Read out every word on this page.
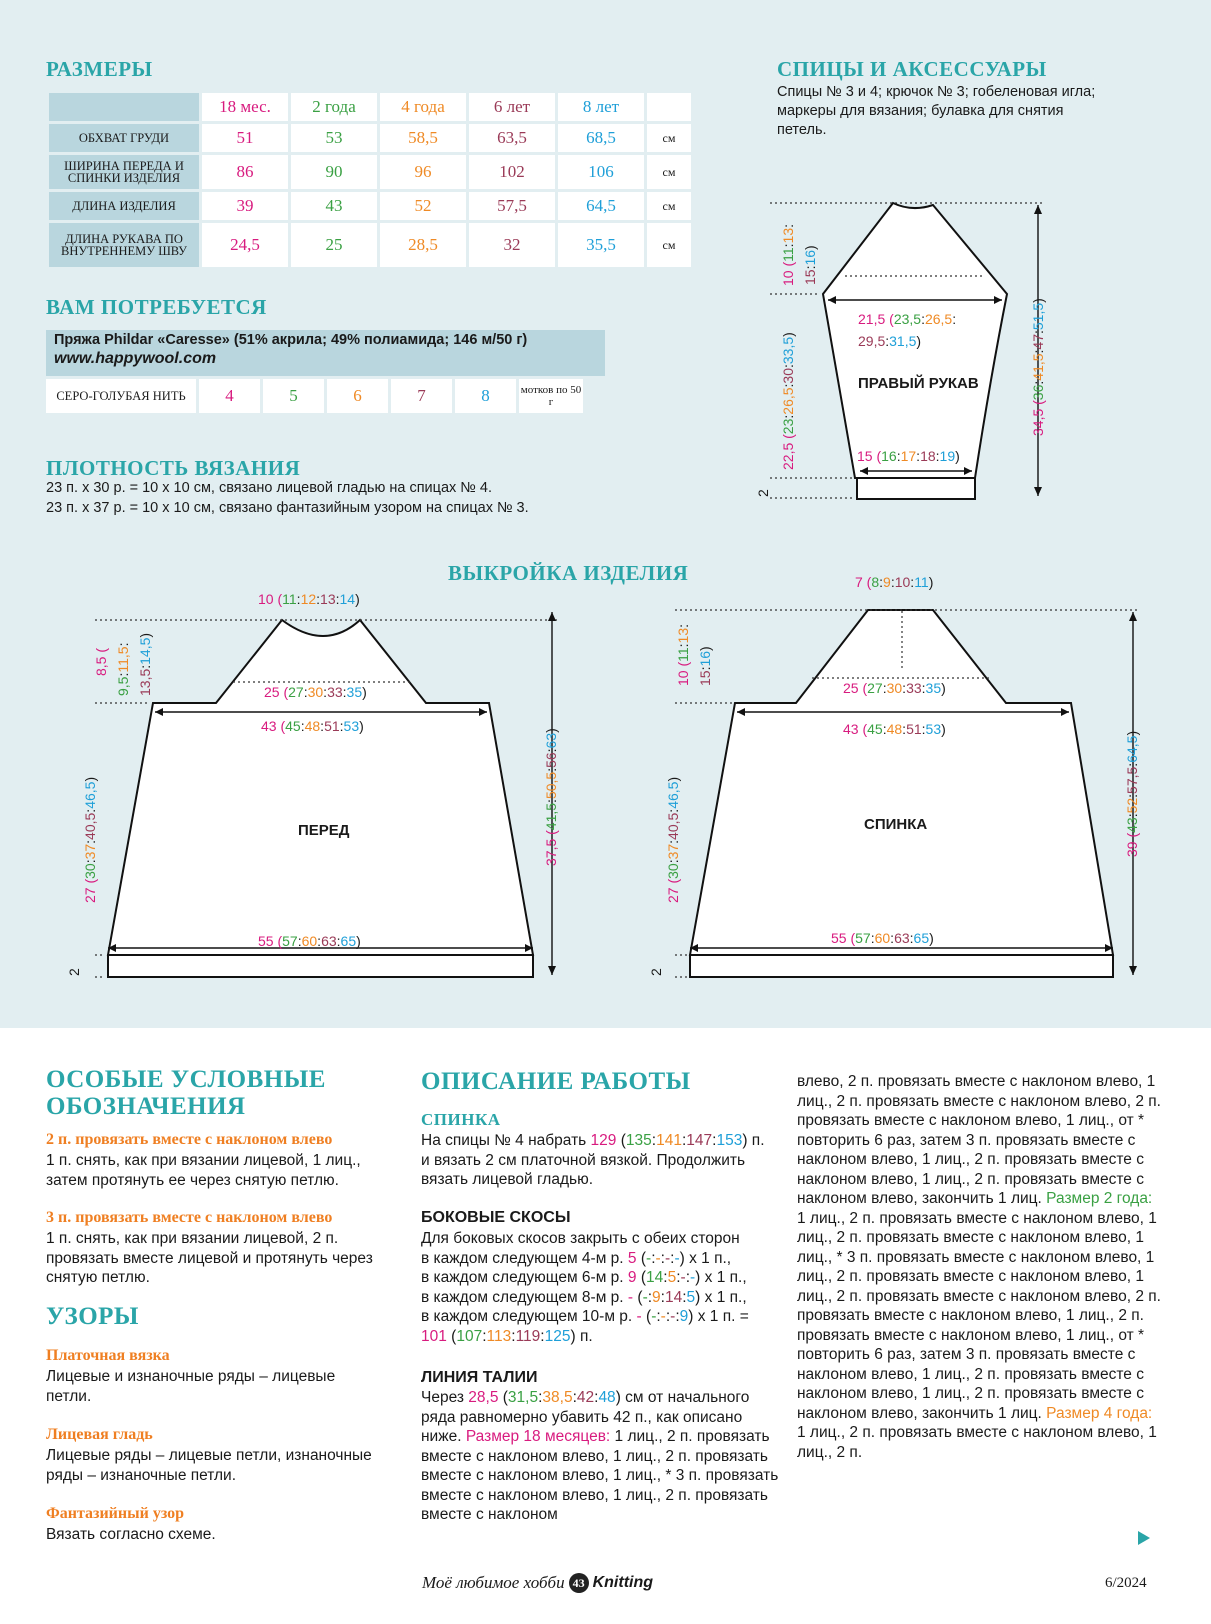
РАЗМЕРЫ
	18 мес.	2 года	4 года	6 лет	8 лет	
ОБХВАТ ГРУДИ	51	53	58,5	63,5	68,5	см
ШИРИНА ПЕРЕДА И СПИНКИ ИЗДЕЛИЯ	86	90	96	102	106	см
ДЛИНА ИЗДЕЛИЯ	39	43	52	57,5	64,5	см
ДЛИНА РУКАВА ПО ВНУТРЕННЕМУ ШВУ	24,5	25	28,5	32	35,5	см
СПИЦЫ И АКСЕССУАРЫ
Спицы № 3 и 4; крючок № 3; гобеленовая игла; маркеры для вязания; булавка для снятия петель.
ВАМ ПОТРЕБУЕТСЯ
Пряжа Phildar «Caresse» (51% акрила; 49% полиамида; 146 м/50 г)
www.happywool.com
СЕРО-ГОЛУБАЯ НИТЬ	4	5	6	7	8	мотков по 50 г
ПЛОТНОСТЬ ВЯЗАНИЯ
23 п. х 30 р. = 10 х 10 см, связано лицевой гладью на спицах № 4.
23 п. х 37 р. = 10 х 10 см, связано фантазийным узором на спицах № 3.
ВЫКРОЙКА ИЗДЕЛИЯ
ПРАВЫЙ РУКАВ
21,5 (23,5:26,5:
29,5:31,5)
15 (16:17:18:19)
10 (11:13:
15:16)
22,5 (23:26,5:30:33,5)
34,5 (36:41,5:47:51,5)
2
ПЕРЕД
10 (11:12:13:14)
25 (27:30:33:35)
43 (45:48:51:53)
55 (57:60:63:65)
8,5 (
9,5:11,5:
13,5:14,5)
27 (30:37:40,5:46,5)
37,5 (41,5:50,5:56:63)
2
СПИНКА
7 (8:9:10:11)
25 (27:30:33:35)
43 (45:48:51:53)
55 (57:60:63:65)
10 (11:13:
15:16)
27 (30:37:40,5:46,5)
39 (43:52:57,5:64,5)
2
ОСОБЫЕ УСЛОВНЫЕ ОБОЗНАЧЕНИЯ
2 п. провязать вместе с наклоном влево
1 п. снять, как при вязании лицевой, 1 лиц., затем протянуть ее через снятую петлю.
3 п. провязать вместе с наклоном влево
1 п. снять, как при вязании лицевой, 2 п. провязать вместе лицевой и протянуть через снятую петлю.
УЗОРЫ
Платочная вязка
Лицевые и изнаночные ряды – лицевые петли.
Лицевая гладь
Лицевые ряды – лицевые петли, изнаночные ряды – изнаночные петли.
Фантазийный узор
Вязать согласно схеме.
ОПИСАНИЕ РАБОТЫ
СПИНКА
На спицы № 4 набрать 129 (135:141:147:153) п. и вязать 2 см платочной вязкой. Продолжить вязать лицевой гладью.
БОКОВЫЕ СКОСЫ
Для боковых скосов закрыть с обеих сторон
в каждом следующем 4-м р. 5 (-:-:-:-) х 1 п.,
в каждом следующем 6-м р. 9 (14:5:-:-) х 1 п.,
в каждом следующем 8-м р. - (-:9:14:5) х 1 п.,
в каждом следующем 10-м р. - (-:-:-:9) х 1 п. =
101 (107:113:119:125) п.
ЛИНИЯ ТАЛИИ
Через 28,5 (31,5:38,5:42:48) см от начального ряда равномерно убавить 42 п., как описано ниже. Размер 18 месяцев: 1 лиц., 2 п. провязать вместе с наклоном влево, 1 лиц., 2 п. провязать вместе с наклоном влево, 1 лиц., * 3 п. провязать вместе с наклоном влево, 1 лиц., 2 п. провязать вместе с наклоном
влево, 2 п. провязать вместе с наклоном влево, 1 лиц., 2 п. провязать вместе с наклоном влево, 2 п. провязать вместе с наклоном влево, 1 лиц., от * повторить 6 раз, затем 3 п. провязать вместе с наклоном влево, 1 лиц., 2 п. провязать вместе с наклоном влево, 1 лиц., 2 п. провязать вместе с наклоном влево, закончить 1 лиц. Размер 2 года: 1 лиц., 2 п. провязать вместе с наклоном влево, 1 лиц., 2 п. провязать вместе с наклоном влево, 1 лиц., * 3 п. провязать вместе с наклоном влево, 1 лиц., 2 п. провязать вместе с наклоном влево, 1 лиц., 2 п. провязать вместе с наклоном влево, 2 п. провязать вместе с наклоном влево, 1 лиц., 2 п. провязать вместе с наклоном влево, 1 лиц., от * повторить 6 раз, затем 3 п. провязать вместе с наклоном влево, 1 лиц., 2 п. провязать вместе с наклоном влево, 1 лиц., 2 п. провязать вместе с наклоном влево, закончить 1 лиц. Размер 4 года: 1 лиц., 2 п. провязать вместе с наклоном влево, 1 лиц., 2 п.
Моё любимое хобби 43 Knitting	6/2024
